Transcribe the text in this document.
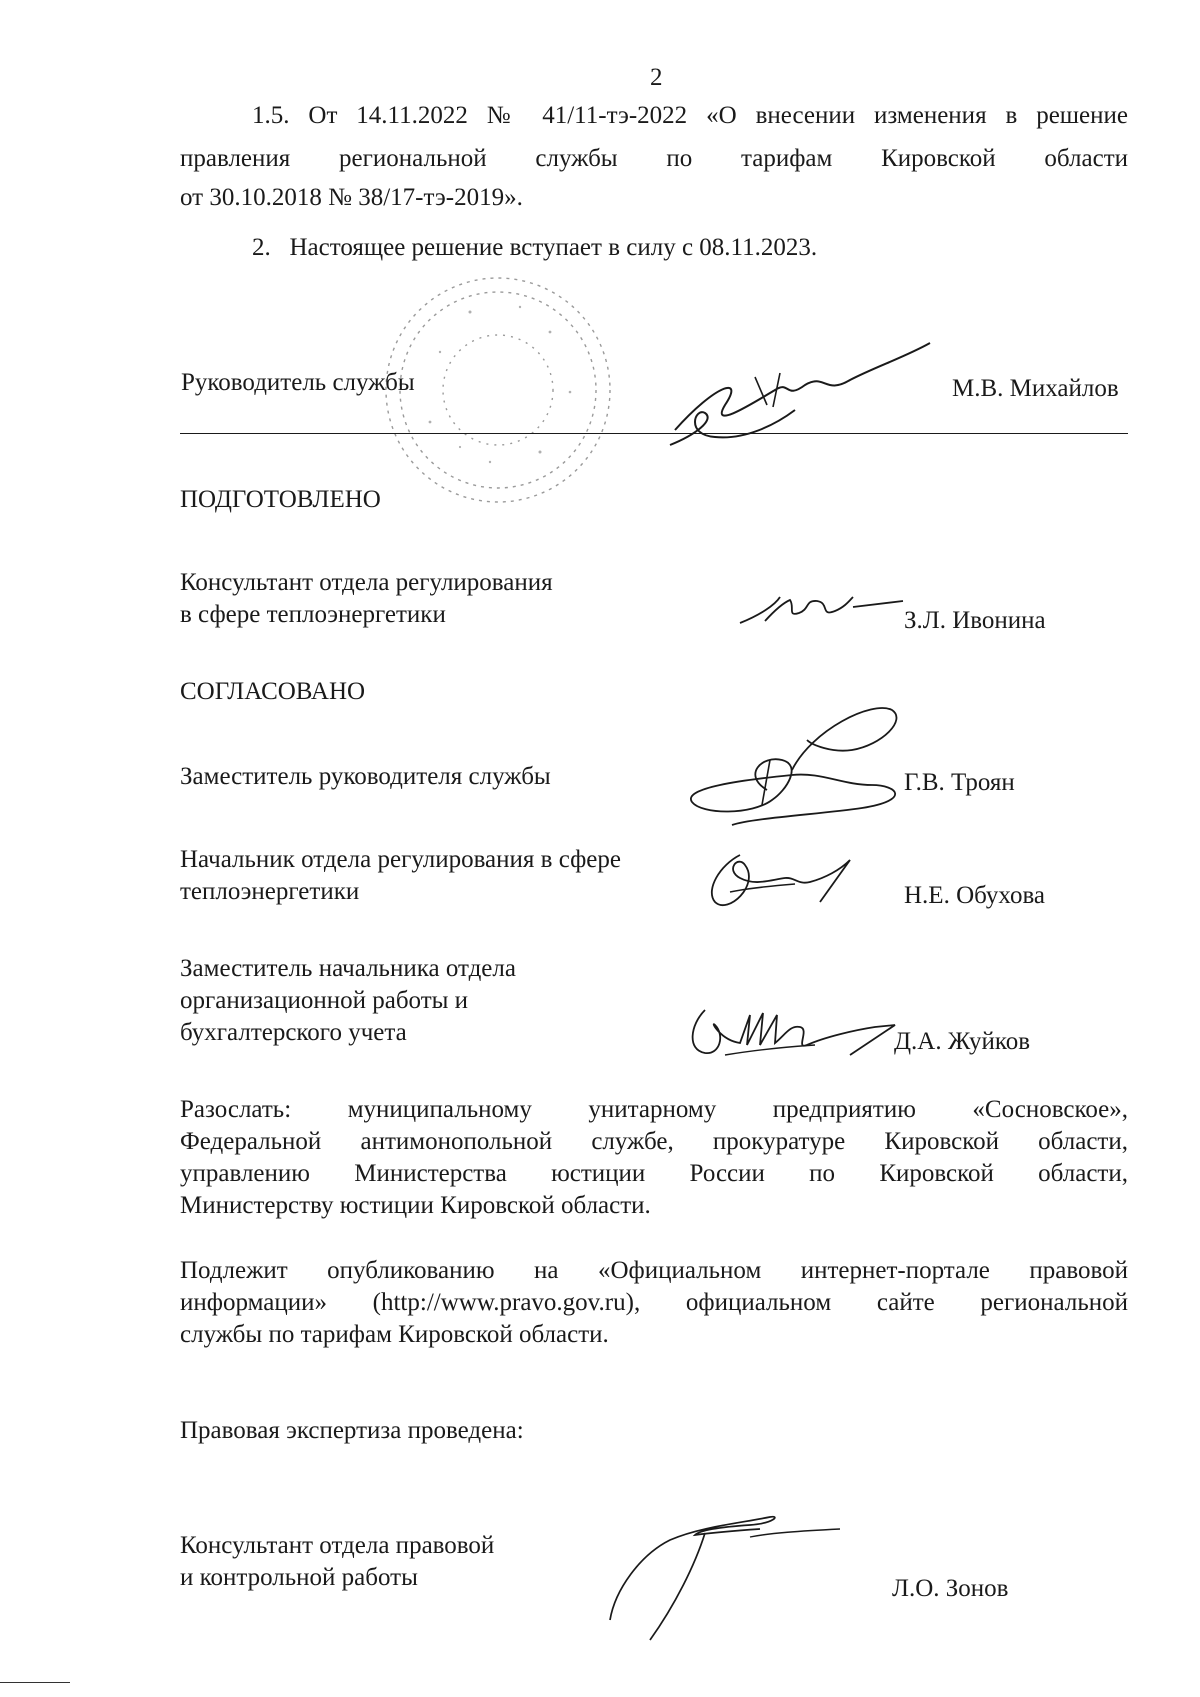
2
1.5. От 14.11.2022 № 41/11-тэ-2022 «О внесении изменения в решение
правления региональной службы по тарифам Кировской области
от 30.10.2018 № 38/17-тэ-2019».
2.   Настоящее решение вступает в силу с 08.11.2023.
Руководитель службы	М.В. Михайлов
ПОДГОТОВЛЕНО
Консультант отдела регулирования
в сфере теплоэнергетики	З.Л. Ивонина
СОГЛАСОВАНО
Заместитель руководителя службы	Г.В. Троян
Начальник отдела регулирования в сфере
теплоэнергетики	Н.Е. Обухова
Заместитель начальника отдела
организационной работы и
бухгалтерского учета	Д.А. Жуйков
Разослать: муниципальному унитарному предприятию «Сосновское»,
Федеральной антимонопольной службе, прокуратуре Кировской области,
управлению Министерства юстиции России по Кировской области,
Министерству юстиции Кировской области.
Подлежит опубликованию на «Официальном интернет-портале правовой
информации» (http://www.pravo.gov.ru), официальном сайте региональной
службы по тарифам Кировской области.
Правовая экспертиза проведена:
Консультант отдела правовой
и контрольной работы	Л.О. Зонов
